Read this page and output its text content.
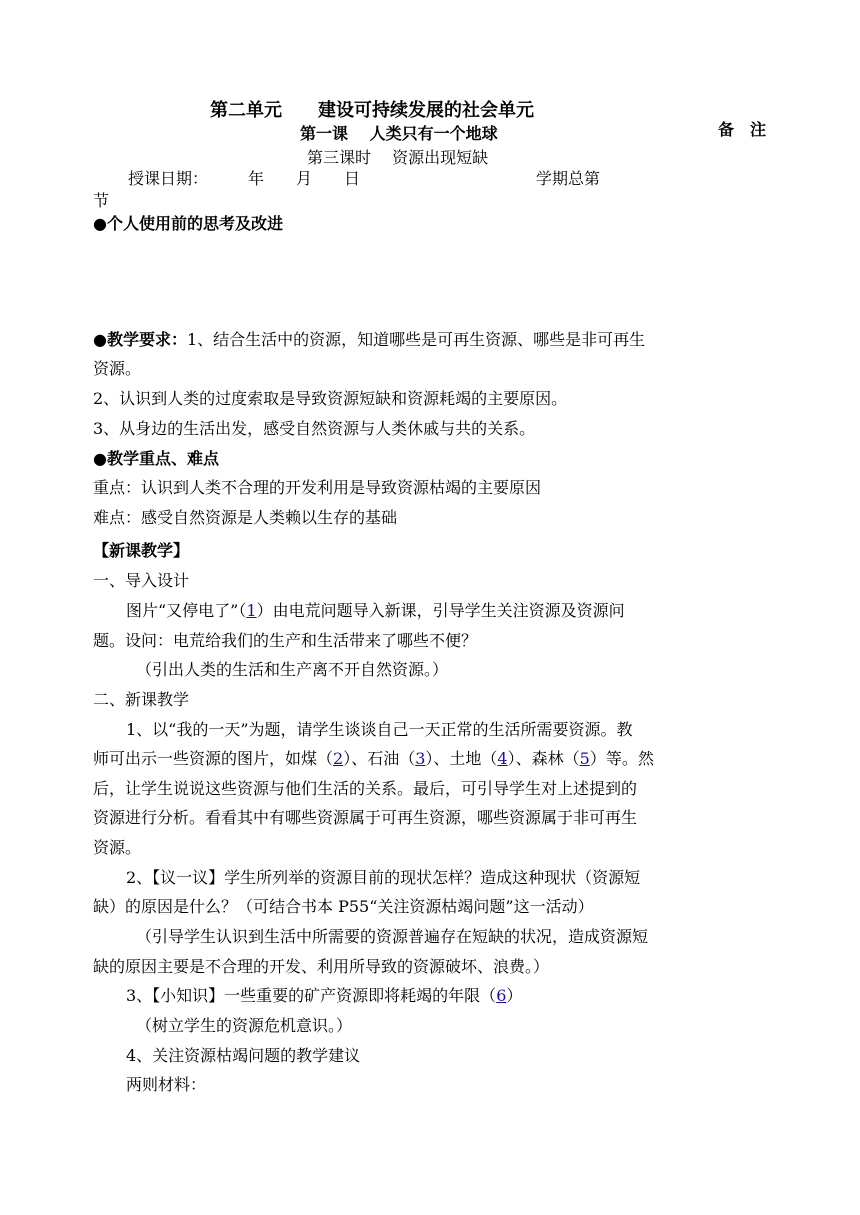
第二单元　　建设可持续发展的社会单元
第一课　 人类只有一个地球	备　注
第三课时　 资源出现短缺
授课日期：　　　年　　月　　日　　　　　　　　　　　学期总第
节
●个人使用前的思考及改进
●教学要求：1、结合生活中的资源，知道哪些是可再生资源、哪些是非可再生
资源。
2、认识到人类的过度索取是导致资源短缺和资源耗竭的主要原因。
3、从身边的生活出发，感受自然资源与人类休戚与共的关系。
●教学重点、难点
重点：认识到人类不合理的开发利用是导致资源枯竭的主要原因
难点：感受自然资源是人类赖以生存的基础
【新课教学】
一、导入设计
图片“又停电了”（1）由电荒问题导入新课，引导学生关注资源及资源问
题。设问：电荒给我们的生产和生活带来了哪些不便？
（引出人类的生活和生产离不开自然资源。）
二、新课教学
1、以“我的一天”为题，请学生谈谈自己一天正常的生活所需要资源。教
师可出示一些资源的图片，如煤（2）、石油（3）、土地（4）、森林（5）等。然
后，让学生说说这些资源与他们生活的关系。最后，可引导学生对上述提到的
资源进行分析。看看其中有哪些资源属于可再生资源，哪些资源属于非可再生
资源。
2、【议一议】学生所列举的资源目前的现状怎样？造成这种现状（资源短
缺）的原因是什么？（可结合书本 P55“关注资源枯竭问题”这一活动）
（引导学生认识到生活中所需要的资源普遍存在短缺的状况，造成资源短
缺的原因主要是不合理的开发、利用所导致的资源破坏、浪费。）
3、【小知识】一些重要的矿产资源即将耗竭的年限（6）
（树立学生的资源危机意识。）
4、关注资源枯竭问题的教学建议
两则材料：
